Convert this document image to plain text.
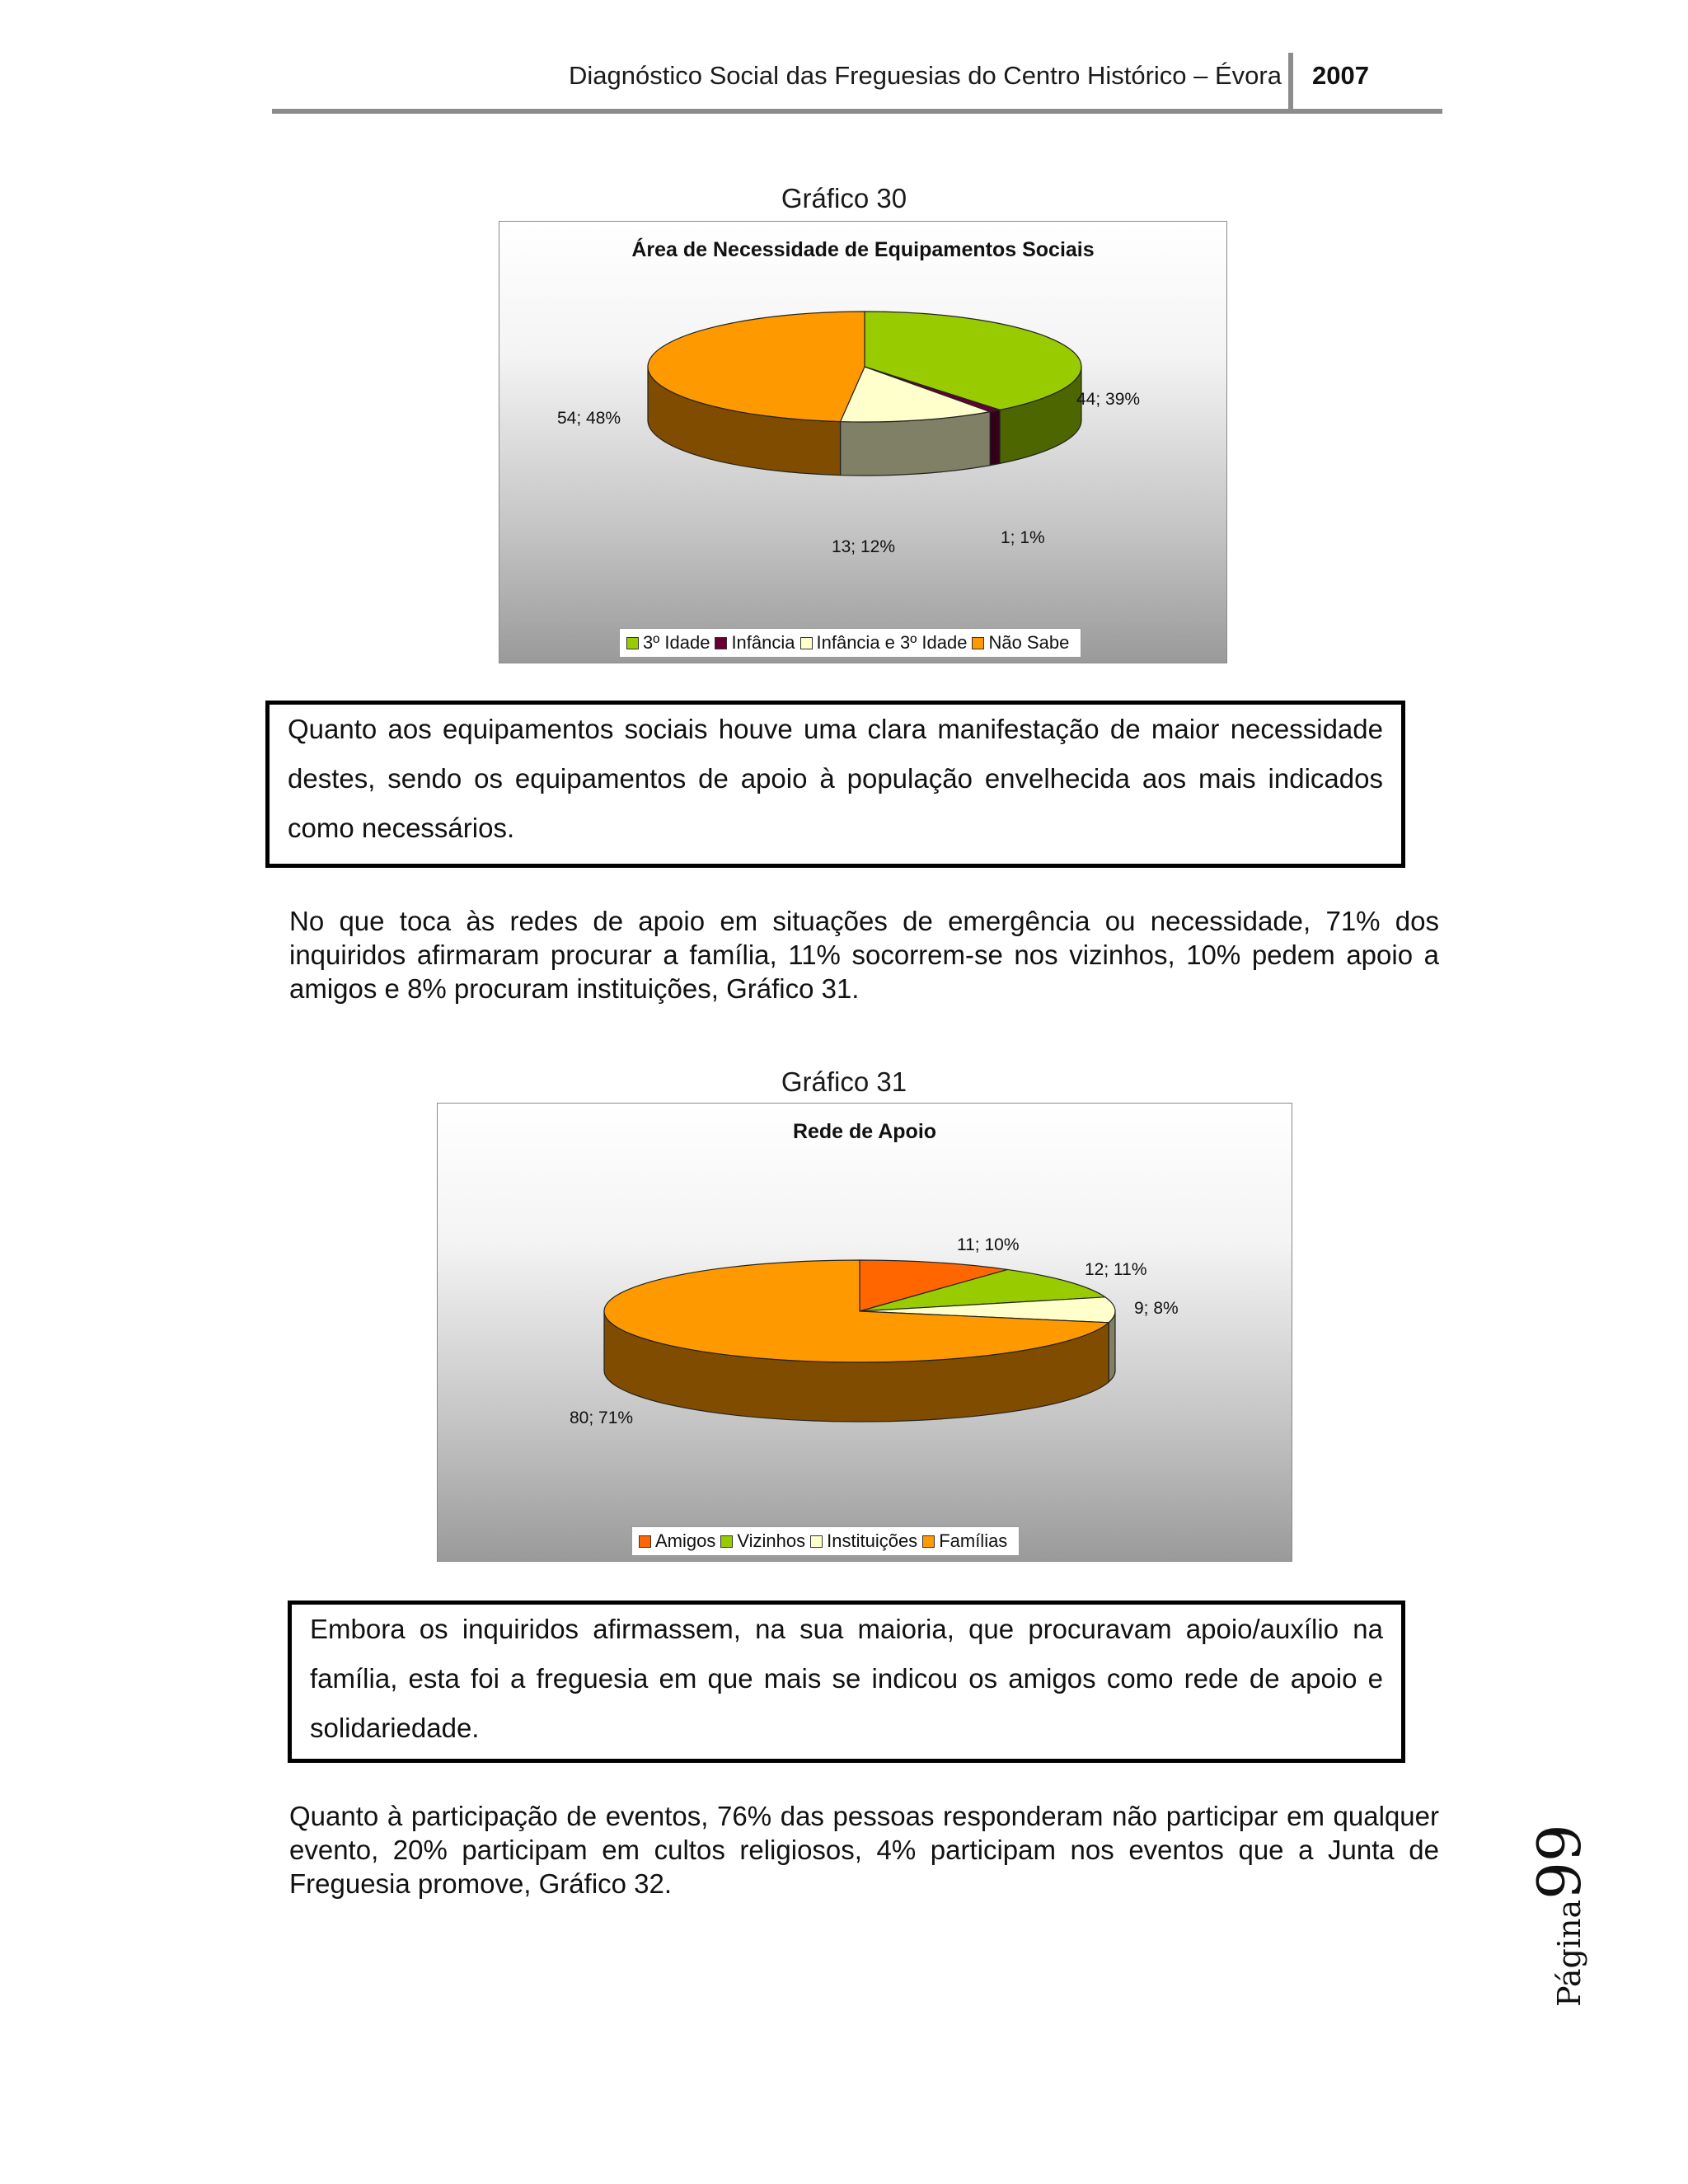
Diagnóstico Social das Freguesias do Centro Histórico – Évora 2007
Gráfico 30
Área de Necessidade de Equipamentos Sociais
44; 39%
1; 1%
13; 12%
54; 48%
3º Idade Infância Infância e 3º Idade Não Sabe
Quanto aos equipamentos sociais houve uma clara manifestação de maior necessidade destes, sendo os equipamentos de apoio à população envelhecida aos mais indicados como necessários.
No que toca às redes de apoio em situações de emergência ou necessidade, 71% dos inquiridos afirmaram procurar a família, 11% socorrem-se nos vizinhos, 10% pedem apoio a amigos e 8% procuram instituições, Gráfico 31.
Gráfico 31
Rede de Apoio
11; 10%
12; 11%
9; 8%
80; 71%
Amigos Vizinhos Instituições Famílias
Embora os inquiridos afirmassem, na sua maioria, que procuravam apoio/auxílio na família, esta foi a freguesia em que mais se indicou os amigos como rede de apoio e solidariedade.
Quanto à participação de eventos, 76% das pessoas responderam não participar em qualquer evento, 20% participam em cultos religiosos, 4% participam nos eventos que a Junta de Freguesia promove, Gráfico 32.
Página99
